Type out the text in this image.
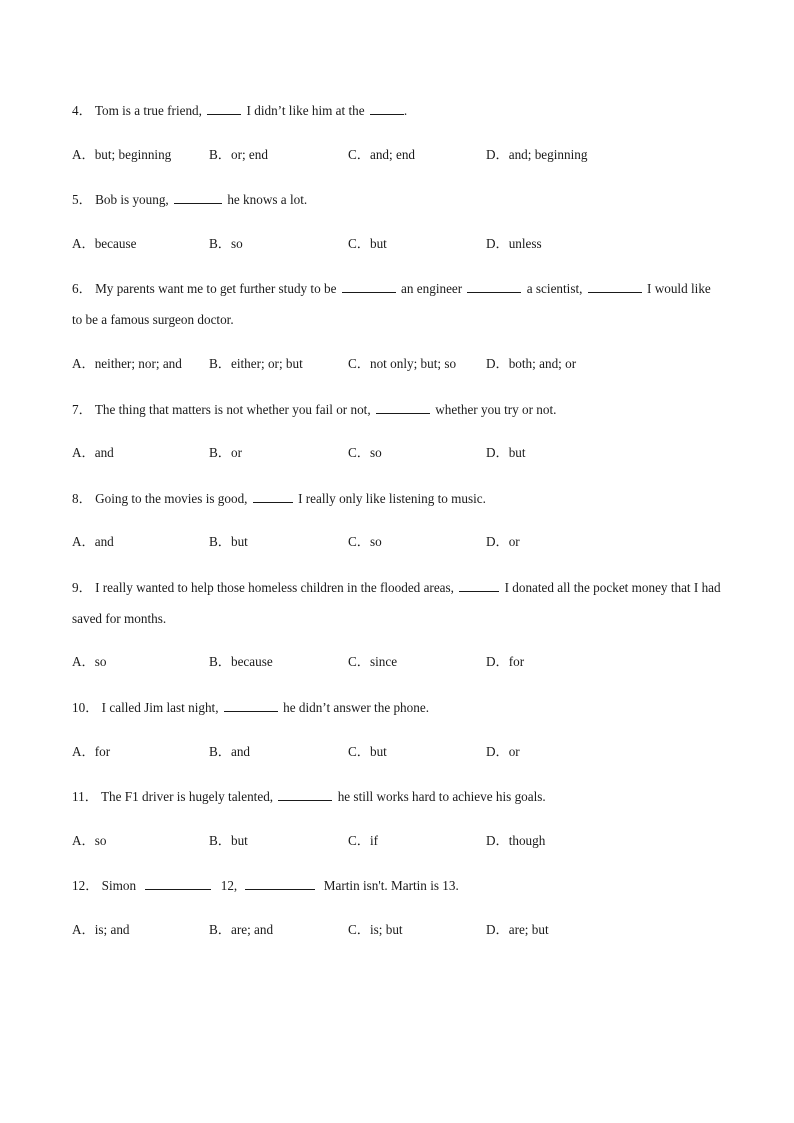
4． Tom is a true friend,	I didn’t like him at the	.
A．but; beginning	B．or; end	C．and; end	D．and; beginning
5． Bob is young,	he knows a lot.
A．because	B．so	C．but	D．unless
6． My parents want me to get further study to be	an engineer	a scientist,	I would like to be a famous surgeon doctor.
A．neither; nor; and B．either; or; but	C．not only; but; so D．both; and; or
7． The thing that matters is not whether you fail or not,	whether you try or not.
A．and	B．or	C．so	D．but
8． Going to the movies is good,	I really only like listening to music.
A．and	B．but	C．so	D．or
9． I really wanted to help those homeless children in the flooded areas,	I donated all the pocket money that I had saved for months.
A．so	B．because	C．since	D．for
10． I called Jim last night,	he didn’t answer the phone.
A．for	B．and	C．but	D．or
11． The F1 driver is hugely talented,	he still works hard to achieve his goals.
A．so	B．but	C．if	D．though
12． Simon	12,	Martin isn't. Martin is 13.
A．is; and	B．are; and	C．is; but	D．are; but
